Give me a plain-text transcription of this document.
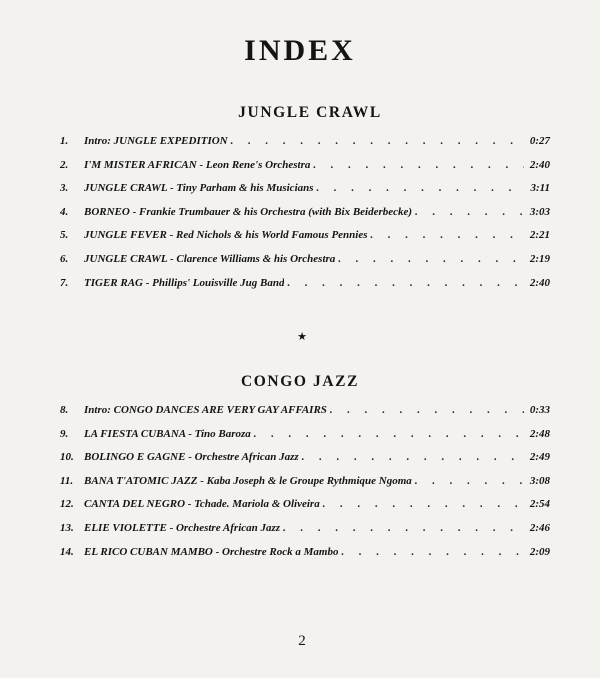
INDEX
JUNGLE CRAWL
1.	Intro: JUNGLE EXPEDITION . . .	0:27
2.	I'M MISTER AFRICAN - Leon Rene's Orchestra . . .	2:40
3.	JUNGLE CRAWL - Tiny Parham & his Musicians . . .	3:11
4.	BORNEO - Frankie Trumbauer & his Orchestra (with Bix Beiderbecke) . . .	3:03
5.	JUNGLE FEVER - Red Nichols & his World Famous Pennies . . .	2:21
6.	JUNGLE CRAWL - Clarence Williams & his Orchestra . . .	2:19
7.	TIGER RAG - Phillips' Louisville Jug Band . . .	2:40
★
CONGO JAZZ
8.	Intro: CONGO DANCES ARE VERY GAY AFFAIRS . . .	0:33
9.	LA FIESTA CUBANA - Tino Baroza . . .	2:48
10. BOLINGO E GAGNE - Orchestre African Jazz . . .	2:49
11. BANA T'ATOMIC JAZZ - Kaba Joseph & le Groupe Rythmique Ngoma . . .	3:08
12. CANTA DEL NEGRO - Tchade. Mariola & Oliveira . . .	2:54
13. ELIE VIOLETTE - Orchestre African Jazz . . .	2:46
14. EL RICO CUBAN MAMBO - Orchestre Rock a Mambo . . .	2:09
2
